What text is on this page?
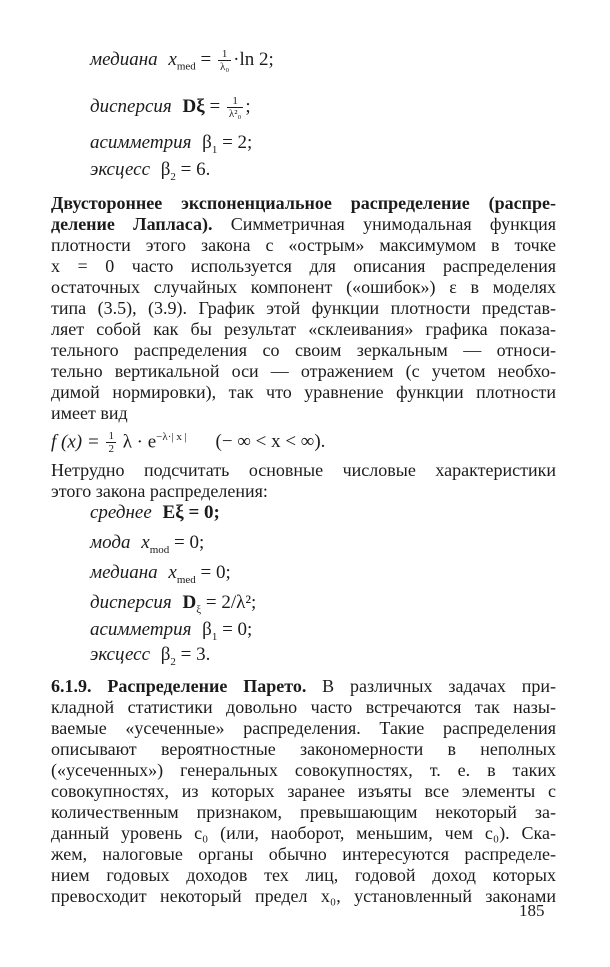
медиана $x_{med} = \frac{1}{\text{λ₀}} \cdot\ln$ 2;
дисперсия $D\xi = \frac{1}{\text{λ²₀}}$ ;
асимметрия $\beta_1 = 2$;
эксцесс $\beta_2 = 6$.
Двустороннее экспоненциальное распределение (распре-
деление Лапласа). Симметричная унимодальная функция
плотности этого закона с «острым» максимумом в точке
x = 0 часто используется для описания распределения
остаточных случайных компонент («ошибок») ε в моделях
типа (3.5), (3.9). График этой функции плотности представ-
ляет собой как бы результат «склеивания» графика показа-
тельного распределения со своим зеркальным — относи-
тельно вертикальной оси — отражением (с учетом необхо-
димой нормировки), так что уравнение функции плотности
имеет вид
f $(x) = \frac{1}{2}$ $\lambda \cdot e^{-\lambda\cdot| x |}$ (− ∞ < x < ∞).
Нетрудно подсчитать основные числовые характеристики
этого закона распределения:
среднее Eξ = 0;
мода $x_{mod} = 0$;
медиана $x_{med} = 0$;
дисперсия $D_\xi = 2/\lambda^2$;
асимметрия $\beta_1 = 0$;
эксцесс $\beta_2 = 3$.
6.1.9. Распределение Парето. В различных задачах при-
кладной статистики довольно часто встречаются так назы-
ваемые «усеченные» распределения. Такие распределения
описывают вероятностные закономерности в неполных
(«усеченных») генеральных совокупностях, т. е. в таких
совокупностях, из которых заранее изъяты все элементы с
количественным признаком, превышающим некоторый за-
данный уровень c₀ (или, наоборот, меньшим, чем c₀). Ска-
жем, налоговые органы обычно интересуются распределе-
нием годовых доходов тех лиц, годовой доход которых
превосходит некоторый предел x₀, установленный законами
185
